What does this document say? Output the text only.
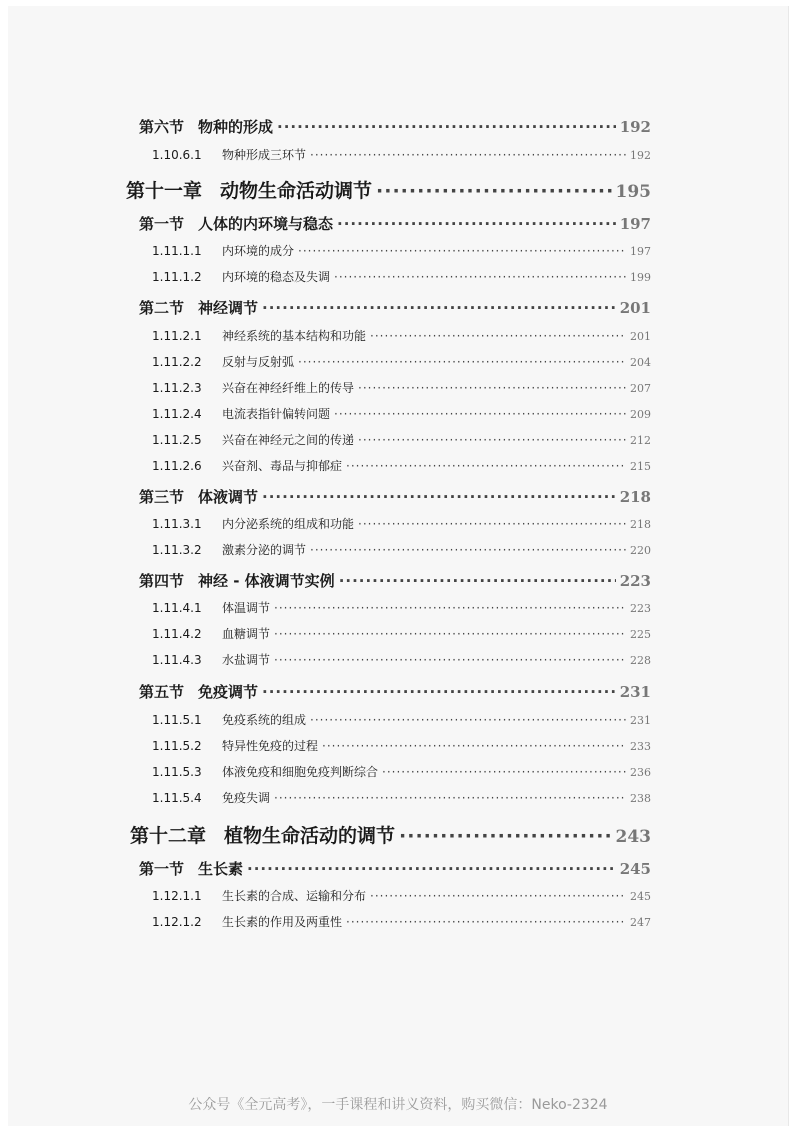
第六节 物种的形成 ·····	192
1.10.6.1	物种形成三环节 ·····	192
第十一章 动物生命活动调节 ·····	195
第一节 人体的内环境与稳态 ·····	197
1.11.1.1	内环境的成分 ·····	197
1.11.1.2	内环境的稳态及失调 ·····	199
第二节 神经调节 ·····	201
1.11.2.1	神经系统的基本结构和功能 ·····	201
1.11.2.2	反射与反射弧 ·····	204
1.11.2.3	兴奋在神经纤维上的传导 ·····	207
1.11.2.4	电流表指针偏转问题 ·····	209
1.11.2.5	兴奋在神经元之间的传递 ·····	212
1.11.2.6	兴奋剂、毒品与抑郁症 ·····	215
第三节 体液调节 ·····	218
1.11.3.1	内分泌系统的组成和功能 ·····	218
1.11.3.2	激素分泌的调节 ·····	220
第四节 神经 - 体液调节实例 ·····	223
1.11.4.1	体温调节 ·····	223
1.11.4.2	血糖调节 ·····	225
1.11.4.3	水盐调节 ·····	228
第五节 免疫调节 ·····	231
1.11.5.1	免疫系统的组成 ·····	231
1.11.5.2	特异性免疫的过程 ·····	233
1.11.5.3	体液免疫和细胞免疫判断综合 ·····	236
1.11.5.4	免疫失调 ·····	238
第十二章 植物生命活动的调节 ·····	243
第一节 生长素 ·····	245
1.12.1.1	生长素的合成、运输和分布 ·····	245
1.12.1.2	生长素的作用及两重性 ·····	247
公众号《全元高考》，一手课程和讲义资料，购买微信：Neko-2324
